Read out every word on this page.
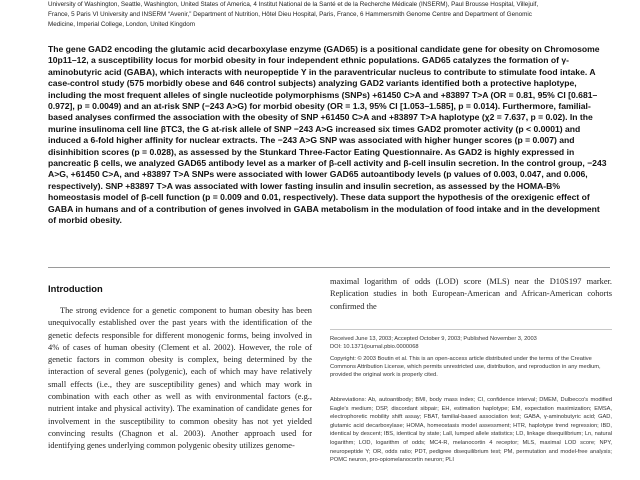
University of Washington, Seattle, Washington, United States of America, 4 Institut National de la Santé et de la Recherche Médicale (INSERM), Paul Brousse Hospital, Villejuif,
France, 5 Paris VI University and INSERM “Avenir,” Department of Nutrition, Hôtel Dieu Hospital, Paris, France, 6 Hammersmith Genome Centre and Department of Genomic
Medicine, Imperial College, London, United Kingdom

The gene GAD2 encoding the glutamic acid decarboxylase enzyme (GAD65) is a positional candidate gene for obesity on Chromosome 10p11–12, a susceptibility locus for morbid obesity in four independent ethnic populations. GAD65 catalyzes the formation of γ-aminobutyric acid (GABA), which interacts with neuropeptide Y in the paraventricular nucleus to contribute to stimulate food intake. A case-control study (575 morbidly obese and 646 control subjects) analyzing GAD2 variants identified both a protective haplotype, including the most frequent alleles of single nucleotide polymorphisms (SNPs) +61450 C>A and +83897 T>A (OR = 0.81, 95% CI [0.681–0.972], p = 0.0049) and an at-risk SNP (−243 A>G) for morbid obesity (OR = 1.3, 95% CI [1.053–1.585], p = 0.014). Furthermore, familial-based analyses confirmed the association with the obesity of SNP +61450 C>A and +83897 T>A haplotype (χ2 = 7.637, p = 0.02). In the murine insulinoma cell line βTC3, the G at-risk allele of SNP −243 A>G increased six times GAD2 promoter activity (p < 0.0001) and induced a 6-fold higher affinity for nuclear extracts. The −243 A>G SNP was associated with higher hunger scores (p = 0.007) and disinhibition scores (p = 0.028), as assessed by the Stunkard Three-Factor Eating Questionnaire. As GAD2 is highly expressed in pancreatic β cells, we analyzed GAD65 antibody level as a marker of β-cell activity and β-cell insulin secretion. In the control group, −243 A>G, +61450 C>A, and +83897 T>A SNPs were associated with lower GAD65 autoantibody levels (p values of 0.003, 0.047, and 0.006, respectively). SNP +83897 T>A was associated with lower fasting insulin and insulin secretion, as assessed by the HOMA-B% homeostasis model of β-cell function (p = 0.009 and 0.01, respectively). These data support the hypothesis of the orexigenic effect of GABA in humans and of a contribution of genes involved in GABA metabolism in the modulation of food intake and in the development of morbid obesity.

Introduction
The strong evidence for a genetic component to human obesity has been unequivocally established over the past years with the identification of the genetic defects responsible for different monogenic forms, being involved in 4% of cases of human obesity (Clement et al. 2002). However, the role of genetic factors in common obesity is complex, being determined by the interaction of several genes (polygenic), each of which may have relatively small effects (i.e., they are susceptibility genes) and which may work in combination with each other as well as with environmental factors (e.g., nutrient intake and physical activity). The examination of candidate genes for involvement in the susceptibility to common obesity has not yet yielded convincing results (Chagnon et al. 2003). Another approach used for identifying genes underlying common polygenic obesity utilizes genome-
maximal logarithm of odds (LOD) score (MLS) near the D10S197 marker. Replication studies in both European-American and African-American cohorts confirmed the

Received June 13, 2003; Accepted October 9, 2003; Published November 3, 2003
DOI: 10.1371/journal.pbio.0000068

Copyright: © 2003 Boutin et al. This is an open-access article distributed under the terms of the Creative Commons Attribution License, which permits unrestricted use, distribution, and reproduction in any medium, provided the original work is properly cited.

Abbreviations: Ab, autoantibody; BMI, body mass index; CI, confidence interval; DMEM, Dulbecco's modified Eagle's medium; DSP, discordant sibpair; EH, estimation haplotype; EM, expectation maximization; EMSA, electrophoretic mobility shift assay; FBAT, familial-based association test; GABA, γ-aminobutyric acid; GAD, glutamic acid decarboxylase; HOMA, homeostasis model assessment; HTR, haplotype trend regression; IBD, identical by descent; IBS, identical by state; Lall, lumped allele statistics; LD, linkage disequilibrium; Ln, natural logarithm; LOD, logarithm of odds; MC4-R, melanocortin 4 receptor; MLS, maximal LOD score; NPY, neuropeptide Y; OR, odds ratio; PDT, pedigree disequilibrium test; PM, permutation and model-free analysis; POMC neuron, pro-opiomelanocortin neuron; PLI
